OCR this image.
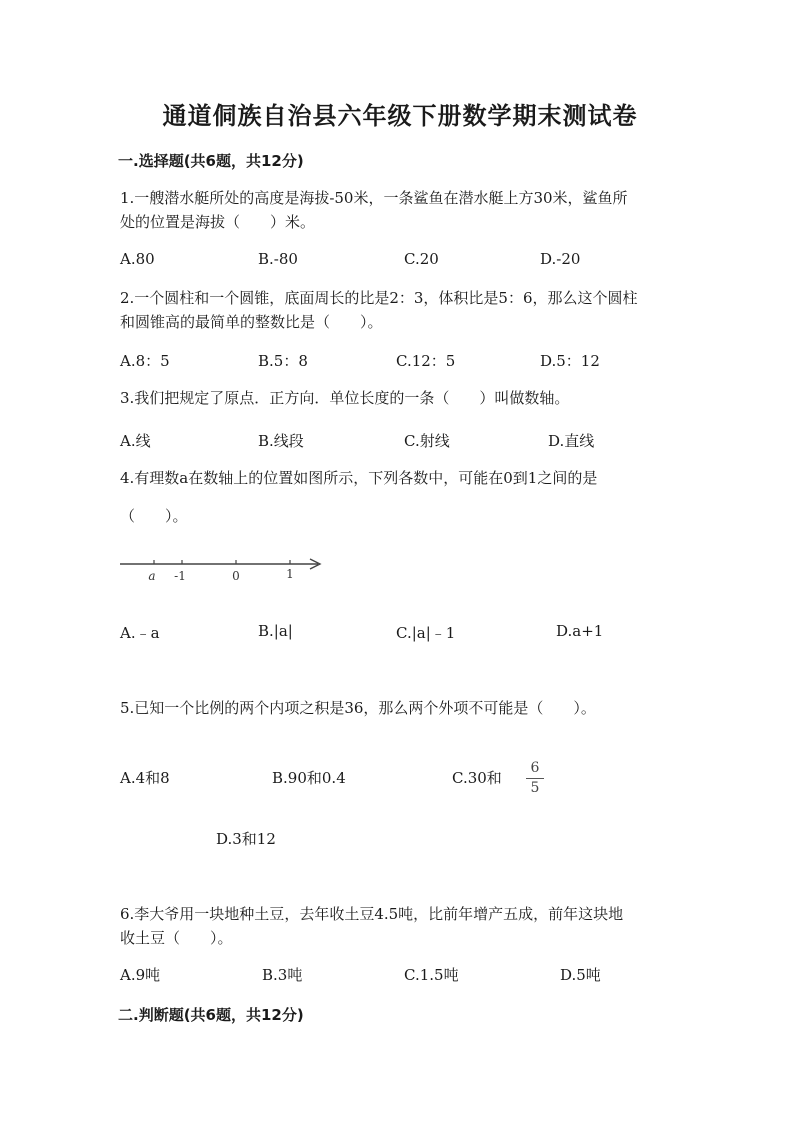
通道侗族自治县六年级下册数学期末测试卷
一.选择题(共6题，共12分)
1.一艘潜水艇所处的高度是海拔-50米，一条鲨鱼在潜水艇上方30米，鲨鱼所
处的位置是海拔（　　）米。
A.80	B.-80	C.20	D.-20
2.一个圆柱和一个圆锥，底面周长的比是2：3，体积比是5：6，那么这个圆柱
和圆锥高的最简单的整数比是（　　）。
A.8：5	B.5：8	C.12：5	D.5：12
3.我们把规定了原点．正方向．单位长度的一条（　　）叫做数轴。
A.线	B.线段	C.射线	D.直线
4.有理数a在数轴上的位置如图所示，下列各数中，可能在0到1之间的是
（　　）。
a -1	0	1
A.﹣a	B.|a|	C.|a|﹣1	D.a+1
5.已知一个比例的两个内项之积是36，那么两个外项不可能是（　　）。
A.4和8	B.90和0.4	C.30和
6
5
D.3和12
6.李大爷用一块地种土豆，去年收土豆4.5吨，比前年增产五成，前年这块地
收土豆（　　）。
A.9吨	B.3吨	C.1.5吨	D.5吨
二.判断题(共6题，共12分)
